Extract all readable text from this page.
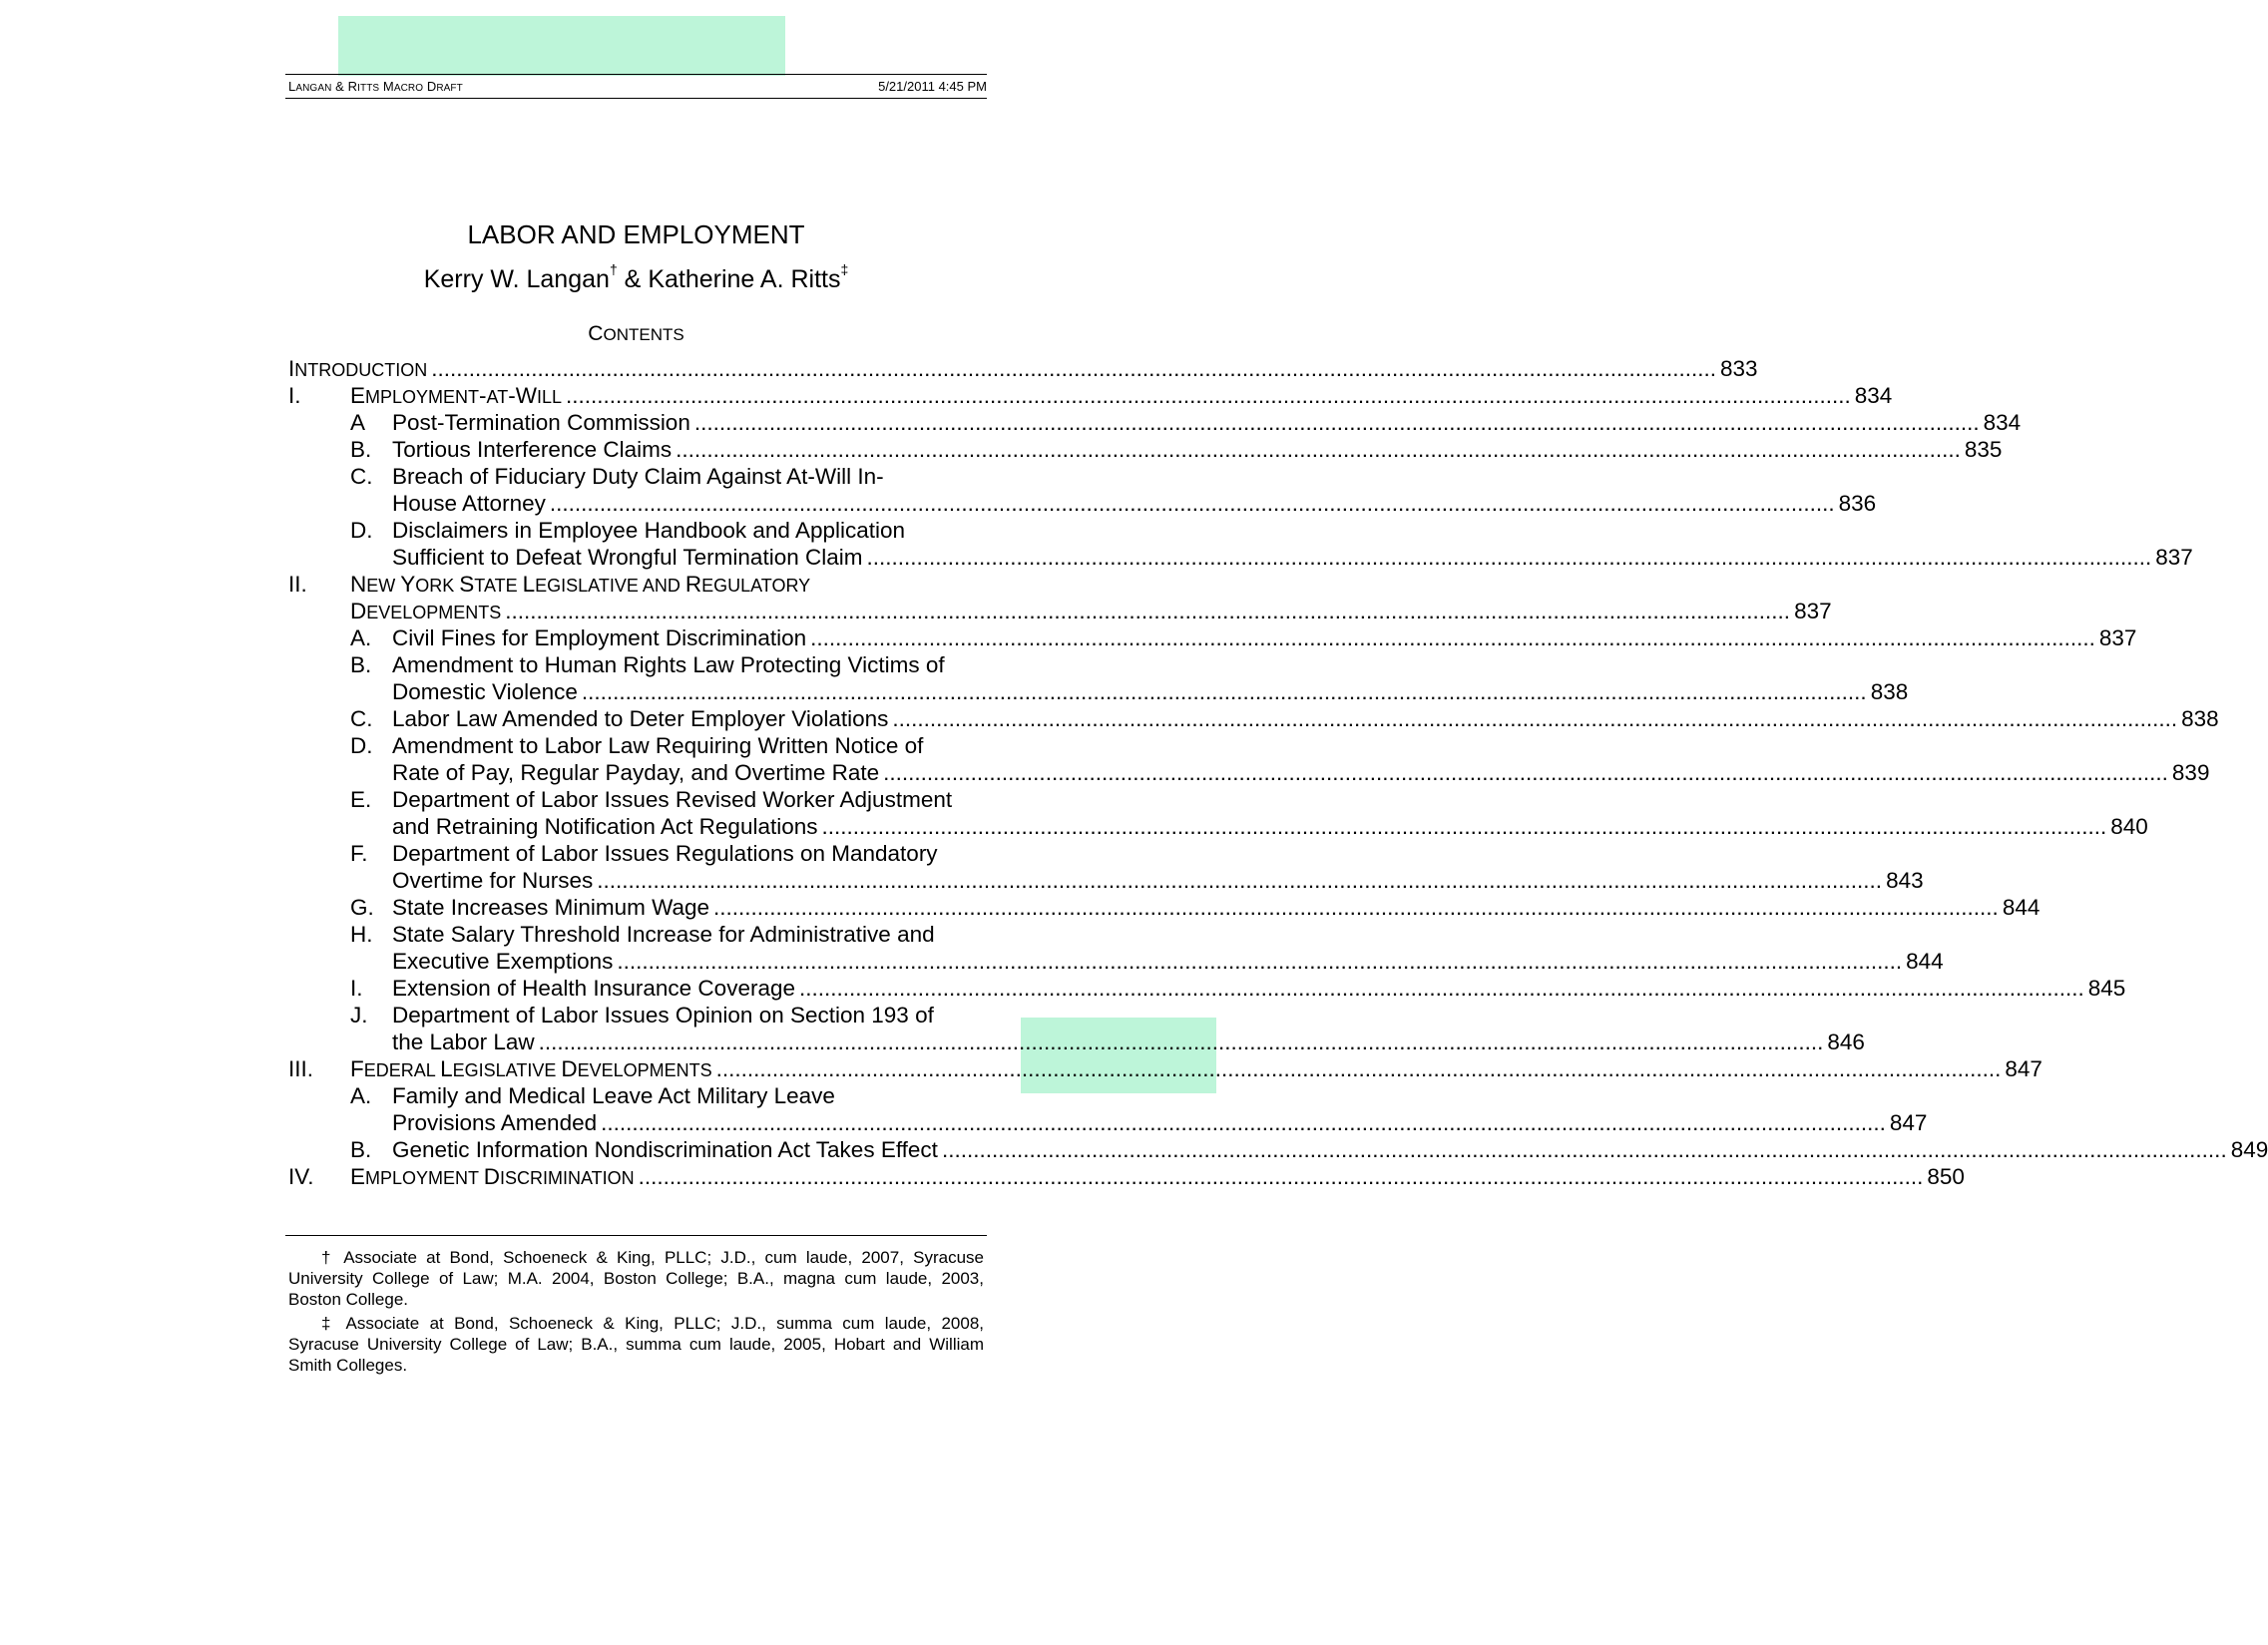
LANGAN & RITTS MACRO DRAFT	5/21/2011 4:45 PM
LABOR AND EMPLOYMENT
Kerry W. Langan† & Katherine A. Ritts‡
CONTENTS
INTRODUCTION .............................................................................................................................................................................................................. 833
I. EMPLOYMENT-AT-WILL .............................................................................................................................................................................................................. 834
A Post-Termination Commission .............................................................................................................................................................................................................. 834
B. Tortious Interference Claims .............................................................................................................................................................................................................. 835
C. Breach of Fiduciary Duty Claim Against At-Will In-
House Attorney .............................................................................................................................................................................................................. 836
D. Disclaimers in Employee Handbook and Application
Sufficient to Defeat Wrongful Termination Claim .............................................................................................................................................................................................................. 837
II. NEW YORK STATE LEGISLATIVE AND REGULATORY
DEVELOPMENTS .............................................................................................................................................................................................................. 837
A. Civil Fines for Employment Discrimination .............................................................................................................................................................................................................. 837
B. Amendment to Human Rights Law Protecting Victims of
Domestic Violence .............................................................................................................................................................................................................. 838
C. Labor Law Amended to Deter Employer Violations .............................................................................................................................................................................................................. 838
D. Amendment to Labor Law Requiring Written Notice of
Rate of Pay, Regular Payday, and Overtime Rate .............................................................................................................................................................................................................. 839
E. Department of Labor Issues Revised Worker Adjustment
and Retraining Notification Act Regulations .............................................................................................................................................................................................................. 840
F. Department of Labor Issues Regulations on Mandatory
Overtime for Nurses .............................................................................................................................................................................................................. 843
G. State Increases Minimum Wage .............................................................................................................................................................................................................. 844
H. State Salary Threshold Increase for Administrative and
Executive Exemptions .............................................................................................................................................................................................................. 844
I. Extension of Health Insurance Coverage .............................................................................................................................................................................................................. 845
J. Department of Labor Issues Opinion on Section 193 of
the Labor Law .............................................................................................................................................................................................................. 846
III. FEDERAL LEGISLATIVE DEVELOPMENTS .............................................................................................................................................................................................................. 847
A. Family and Medical Leave Act Military Leave
Provisions Amended .............................................................................................................................................................................................................. 847
B. Genetic Information Nondiscrimination Act Takes Effect .............................................................................................................................................................................................................. 849
IV. EMPLOYMENT DISCRIMINATION .............................................................................................................................................................................................................. 850

† Associate at Bond, Schoeneck & King, PLLC; J.D., cum laude, 2007, Syracuse University College of Law; M.A. 2004, Boston College; B.A., magna cum laude, 2003, Boston College.

‡ Associate at Bond, Schoeneck & King, PLLC; J.D., summa cum laude, 2008, Syracuse University College of Law; B.A., summa cum laude, 2005, Hobart and William Smith Colleges.
